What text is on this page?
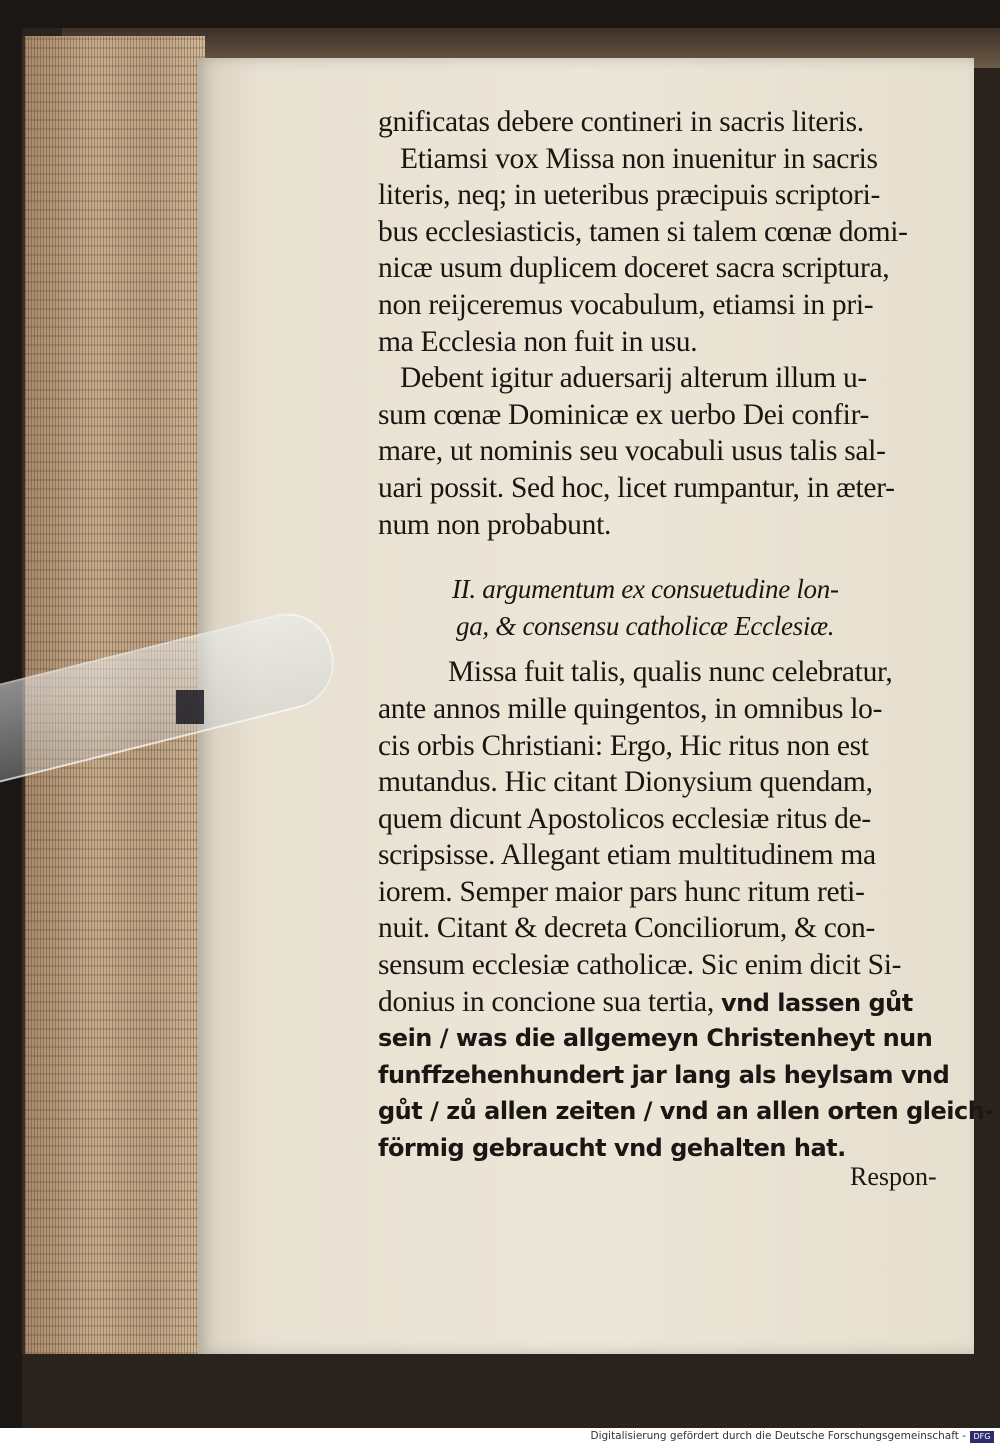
gnificatas debere contineri in sacris literis.
Etiamsi vox Missa non inuenitur in sacris
literis, neq; in ueteribus præcipuis scriptori-
bus ecclesiasticis, tamen si talem cœnæ domi-
nicæ usum duplicem doceret sacra scriptura,
non reijceremus vocabulum, etiamsi in pri-
ma Ecclesia non fuit in usu.
Debent igitur aduersarij alterum illum u-
sum cœnæ Dominicæ ex uerbo Dei confir-
mare, ut nominis seu vocabuli usus talis sal-
uari possit. Sed hoc, licet rumpantur, in æter-
num non probabunt.
II. argumentum ex consuetudine lon-
ga, & consensu catholicæ Ecclesiæ.
Missa fuit talis, qualis nunc celebratur,
ante annos mille quingentos, in omnibus lo-
cis orbis Christiani: Ergo, Hic ritus non est
mutandus. Hic citant Dionysium quendam,
quem dicunt Apostolicos ecclesiæ ritus de-
scripsisse. Allegant etiam multitudinem ma
iorem. Semper maior pars hunc ritum reti-
nuit. Citant & decreta Conciliorum, & con-
sensum ecclesiæ catholicæ. Sic enim dicit Si-
donius in concione sua tertia, vnd lassen gůt
sein / was die allgemeyn Christenheyt nun
funffzehenhundert jar lang als heylsam vnd
gůt / zů allen zeiten / vnd an allen orten gleich-
förmig gebraucht vnd gehalten hat.
Respon-
Digitalisierung gefördert durch die Deutsche Forschungsgemeinschaft - DFG
